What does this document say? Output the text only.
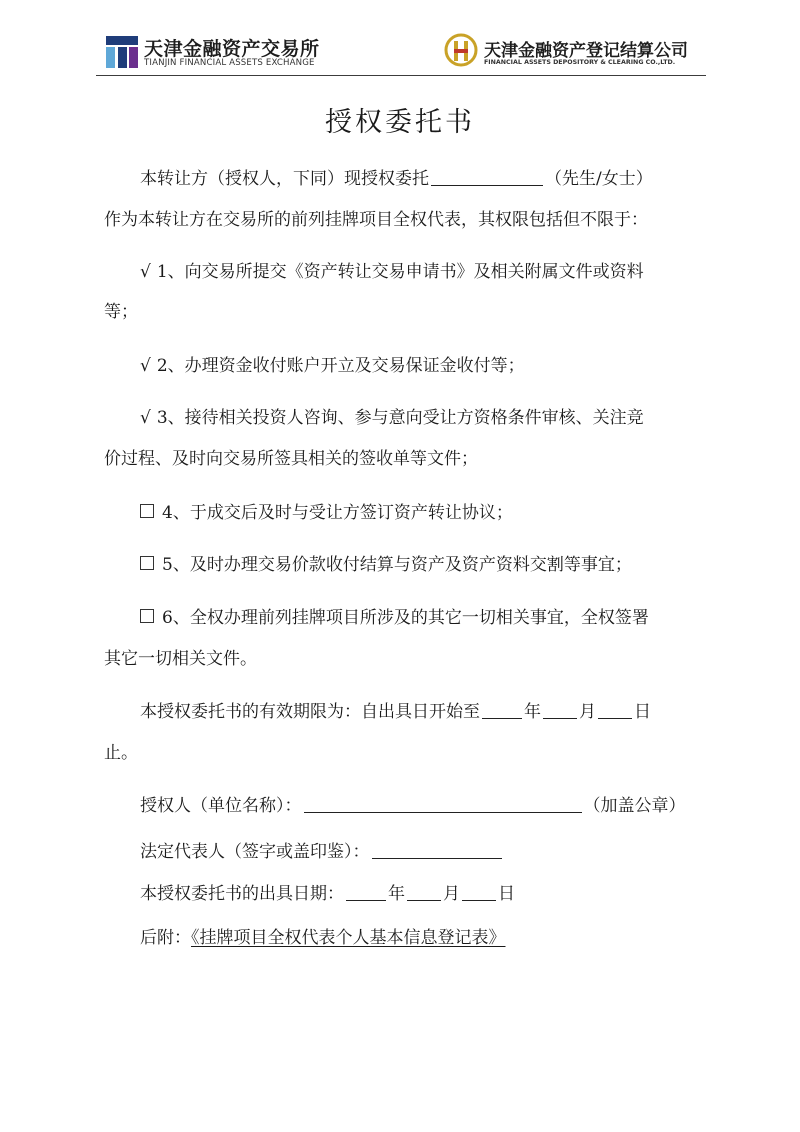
天津金融资产交易所
TIANJIN FINANCIAL ASSETS EXCHANGE
天津金融资产登记结算公司
FINANCIAL ASSETS DEPOSITORY & CLEARING CO.,LTD.
授权委托书
本转让方（授权人，下同）现授权委托	（先生/女士）
作为本转让方在交易所的前列挂牌项目全权代表，其权限包括但不限于：
√ 1、向交易所提交《资产转让交易申请书》及相关附属文件或资料
等；
√ 2、办理资金收付账户开立及交易保证金收付等；
√ 3、接待相关投资人咨询、参与意向受让方资格条件审核、关注竞
价过程、及时向交易所签具相关的签收单等文件；
4、于成交后及时与受让方签订资产转让协议；
5、及时办理交易价款收付结算与资产及资产资料交割等事宜；
6、全权办理前列挂牌项目所涉及的其它一切相关事宜，全权签署
其它一切相关文件。
本授权委托书的有效期限为：自出具日开始至	年 月 日
止。
授权人（单位名称）：	（加盖公章）
法定代表人（签字或盖印鉴）：
本授权委托书的出具日期：	年 月 日
后附：《挂牌项目全权代表个人基本信息登记表》
